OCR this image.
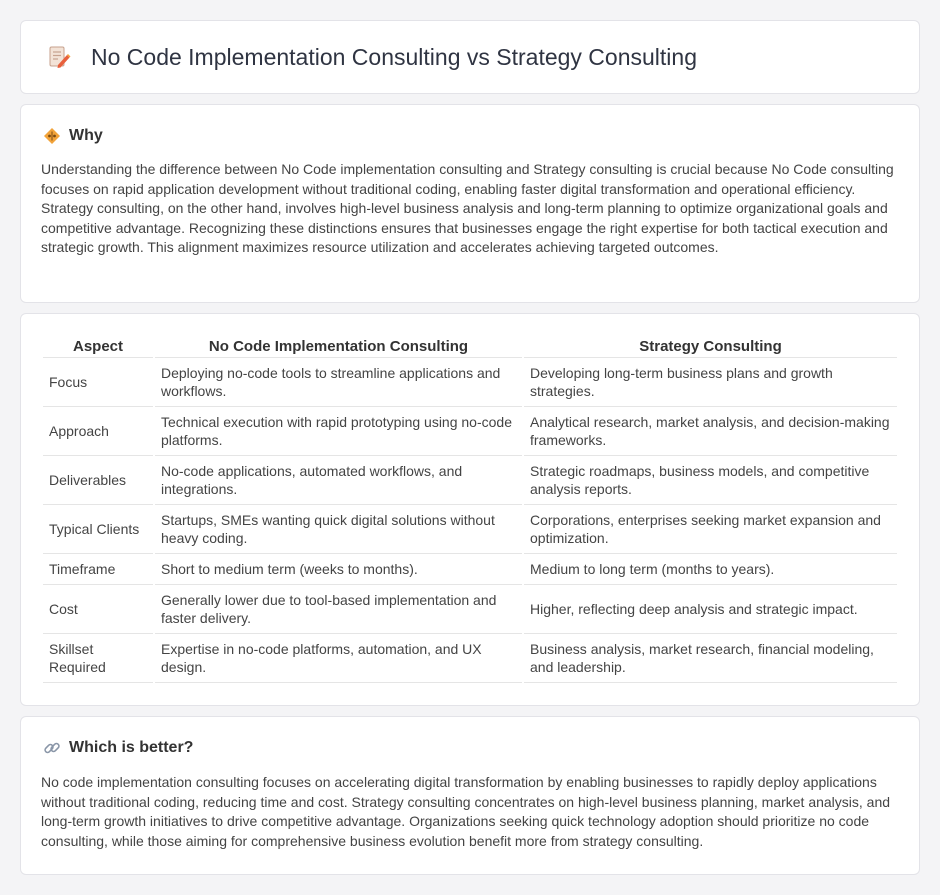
No Code Implementation Consulting vs Strategy Consulting
Why

Understanding the difference between No Code implementation consulting and Strategy consulting is crucial because No Code consulting focuses on rapid application development without traditional coding, enabling faster digital transformation and operational efficiency. Strategy consulting, on the other hand, involves high-level business analysis and long-term planning to optimize organizational goals and competitive advantage. Recognizing these distinctions ensures that businesses engage the right expertise for both tactical execution and strategic growth. This alignment maximizes resource utilization and accelerates achieving targeted outcomes.

Aspect	No Code Implementation Consulting	Strategy Consulting
Focus	Deploying no-code tools to streamline applications and workflows.	Developing long-term business plans and growth strategies.
Approach	Technical execution with rapid prototyping using no-code platforms.	Analytical research, market analysis, and decision-making frameworks.
Deliverables	No-code applications, automated workflows, and integrations.	Strategic roadmaps, business models, and competitive analysis reports.
Typical Clients	Startups, SMEs wanting quick digital solutions without heavy coding.	Corporations, enterprises seeking market expansion and optimization.
Timeframe	Short to medium term (weeks to months).	Medium to long term (months to years).
Cost	Generally lower due to tool-based implementation and faster delivery.	Higher, reflecting deep analysis and strategic impact.
Skillset Required	Expertise in no-code platforms, automation, and UX design.	Business analysis, market research, financial modeling, and leadership.
Which is better?

No code implementation consulting focuses on accelerating digital transformation by enabling businesses to rapidly deploy applications without traditional coding, reducing time and cost. Strategy consulting concentrates on high-level business planning, market analysis, and long-term growth initiatives to drive competitive advantage. Organizations seeking quick technology adoption should prioritize no code consulting, while those aiming for comprehensive business evolution benefit more from strategy consulting.
